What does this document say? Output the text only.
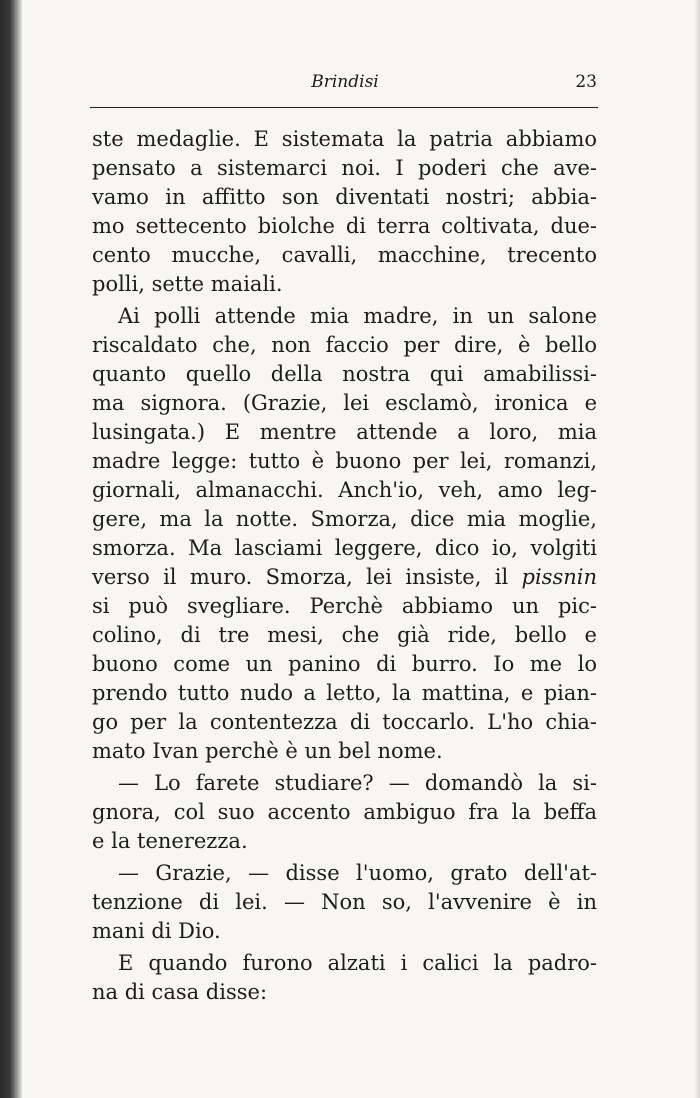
Brindisi	23
ste medaglie. E sistemata la patria abbiamo
pensato a sistemarci noi. I poderi che ave-
vamo in affitto son diventati nostri; abbia-
mo settecento biolche di terra coltivata, due-
cento mucche, cavalli, macchine, trecento
polli, sette maiali.
Ai polli attende mia madre, in un salone
riscaldato che, non faccio per dire, è bello
quanto quello della nostra qui amabilissi-
ma signora. (Grazie, lei esclamò, ironica e
lusingata.) E mentre attende a loro, mia
madre legge: tutto è buono per lei, romanzi,
giornali, almanacchi. Anch'io, veh, amo leg-
gere, ma la notte. Smorza, dice mia moglie,
smorza. Ma lasciami leggere, dico io, volgiti
verso il muro. Smorza, lei insiste, il pissnin
si può svegliare. Perchè abbiamo un pic-
colino, di tre mesi, che già ride, bello e
buono come un panino di burro. Io me lo
prendo tutto nudo a letto, la mattina, e pian-
go per la contentezza di toccarlo. L'ho chia-
mato Ivan perchè è un bel nome.
— Lo farete studiare? — domandò la si-
gnora, col suo accento ambiguo fra la beffa
e la tenerezza.
— Grazie, — disse l'uomo, grato dell'at-
tenzione di lei. — Non so, l'avvenire è in
mani di Dio.
E quando furono alzati i calici la padro-
na di casa disse:
